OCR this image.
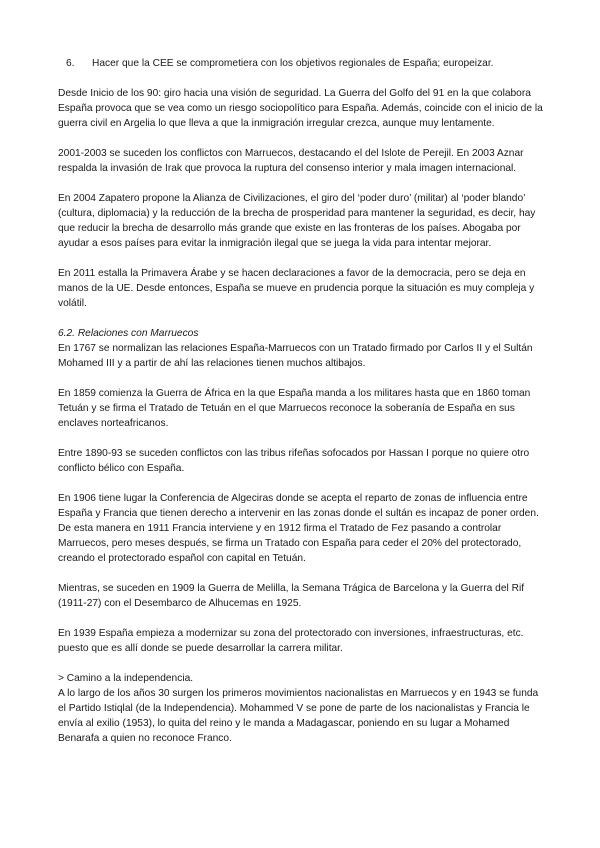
6.	Hacer que la CEE se comprometiera con los objetivos regionales de España; europeizar.

Desde Inicio de los 90: giro hacia una visión de seguridad. La Guerra del Golfo del 91 en la que colabora España provoca que se vea como un riesgo sociopolítico para España. Además, coincide con el inicio de la guerra civil en Argelia lo que lleva a que la inmigración irregular crezca, aunque muy lentamente.

2001-2003 se suceden los conflictos con Marruecos, destacando el del Islote de Perejil. En 2003 Aznar respalda la invasión de Irak que provoca la ruptura del consenso interior y mala imagen internacional.

En 2004 Zapatero propone la Alianza de Civilizaciones, el giro del ‘poder duro’ (militar) al ‘poder blando’ (cultura, diplomacia) y la reducción de la brecha de prosperidad para mantener la seguridad, es decir, hay que reducir la brecha de desarrollo más grande que existe en las fronteras de los países. Abogaba por ayudar a esos países para evitar la inmigración ilegal que se juega la vida para intentar mejorar.

En 2011 estalla la Primavera Árabe y se hacen declaraciones a favor de la democracia, pero se deja en manos de la UE. Desde entonces, España se mueve en prudencia porque la situación es muy compleja y volátil.

6.2. Relaciones con Marruecos

En 1767 se normalizan las relaciones España-Marruecos con un Tratado firmado por Carlos II y el Sultán Mohamed III y a partir de ahí las relaciones tienen muchos altibajos.

En 1859 comienza la Guerra de África en la que España manda a los militares hasta que en 1860 toman Tetuán y se firma el Tratado de Tetuán en el que Marruecos reconoce la soberanía de España en sus enclaves norteafricanos.

Entre 1890-93 se suceden conflictos con las tribus rifeñas sofocados por Hassan I porque no quiere otro conflicto bélico con España.

En 1906 tiene lugar la Conferencia de Algeciras donde se acepta el reparto de zonas de influencia entre España y Francia que tienen derecho a intervenir en las zonas donde el sultán es incapaz de poner orden. De esta manera en 1911 Francia interviene y en 1912 firma el Tratado de Fez pasando a controlar Marruecos, pero meses después, se firma un Tratado con España para ceder el 20% del protectorado, creando el protectorado español con capital en Tetuán.

Mientras, se suceden en 1909 la Guerra de Melilla, la Semana Trágica de Barcelona y la Guerra del Rif (1911-27) con el Desembarco de Alhucemas en 1925.

En 1939 España empieza a modernizar su zona del protectorado con inversiones, infraestructuras, etc. puesto que es allí donde se puede desarrollar la carrera militar.

> Camino a la independencia.

A lo largo de los años 30 surgen los primeros movimientos nacionalistas en Marruecos y en 1943 se funda el Partido Istiqlal (de la Independencia). Mohammed V se pone de parte de los nacionalistas y Francia le envía al exilio (1953), lo quita del reino y le manda a Madagascar, poniendo en su lugar a Mohamed Benarafa a quien no reconoce Franco.
